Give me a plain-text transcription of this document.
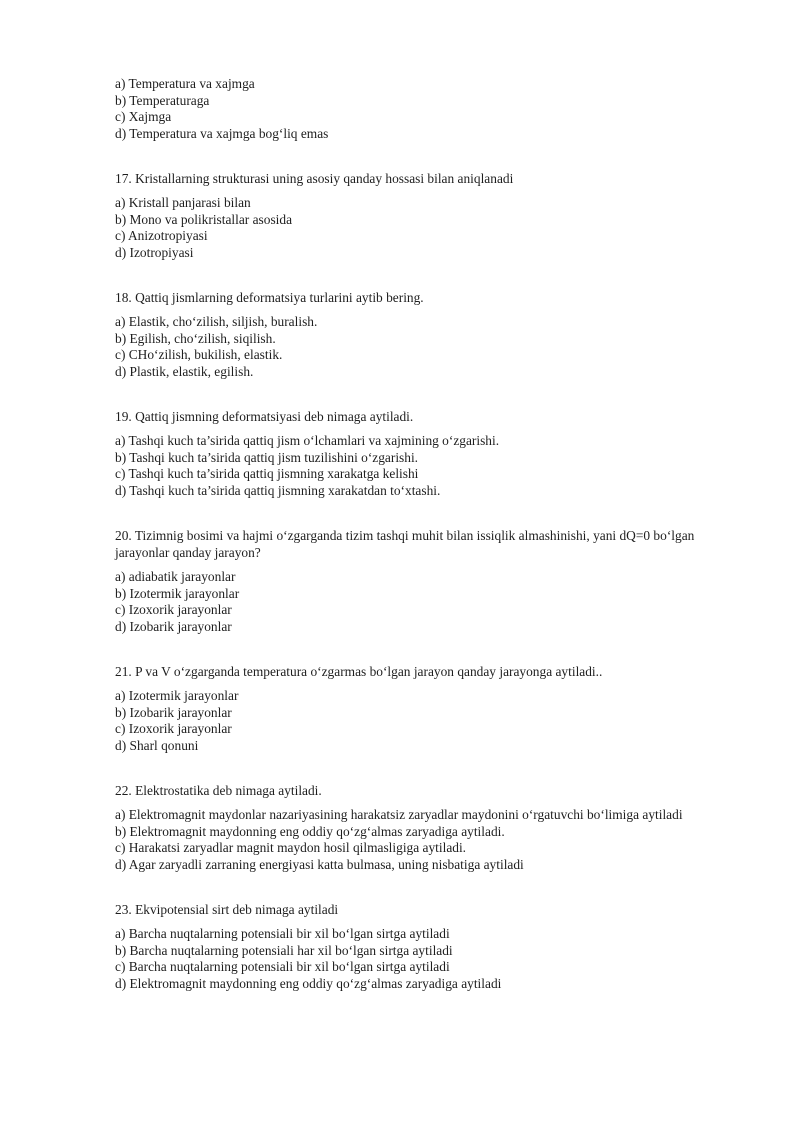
a) Temperatura va xajmga
b) Temperaturaga
c) Xajmga
d) Temperatura va xajmga bog‘liq emas
17. Kristallarning strukturasi uning asosiy qanday hossasi bilan aniqlanadi
a) Kristall panjarasi bilan
b) Mono va polikristallar asosida
c) Anizotropiyasi
d) Izotropiyasi
18. Qattiq jismlarning deformatsiya turlarini aytib bering.
a) Elastik, cho‘zilish, siljish, buralish.
b) Egilish, cho‘zilish, siqilish.
c) CHo‘zilish, bukilish, elastik.
d) Plastik, elastik, egilish.
19. Qattiq jismning deformatsiyasi deb nimaga aytiladi.
a) Tashqi kuch ta’sirida qattiq jism o‘lchamlari va xajmining o‘zgarishi.
b) Tashqi kuch ta’sirida qattiq jism tuzilishini o‘zgarishi.
c) Tashqi kuch ta’sirida qattiq jismning xarakatga kelishi
d) Tashqi kuch ta’sirida qattiq jismning xarakatdan to‘xtashi.
20. Tizimnig bosimi va hajmi o‘zgarganda tizim tashqi muhit bilan issiqlik almashinishi, yani dQ=0 bo‘lgan jarayonlar qanday jarayon?
a) adiabatik jarayonlar
b) Izotermik jarayonlar
c) Izoxorik jarayonlar
d) Izobarik jarayonlar
21. P va V o‘zgarganda temperatura o‘zgarmas bo‘lgan jarayon qanday jarayonga aytiladi..
a) Izotermik jarayonlar
b) Izobarik jarayonlar
c) Izoxorik jarayonlar
d) Sharl qonuni
22. Elektrostatika deb nimaga aytiladi.
a) Elektromagnit maydonlar nazariyasining harakatsiz zaryadlar maydonini o‘rgatuvchi bo‘limiga aytiladi
b) Elektromagnit maydonning eng oddiy qo‘zg‘almas zaryadiga aytiladi.
c) Harakatsi zaryadlar magnit maydon hosil qilmasligiga aytiladi.
d) Agar zaryadli zarraning energiyasi katta bulmasa, uning nisbatiga aytiladi
23. Ekvipotensial sirt deb nimaga aytiladi
a) Barcha nuqtalarning potensiali bir xil bo‘lgan sirtga aytiladi
b) Barcha nuqtalarning potensiali har xil bo‘lgan sirtga aytiladi
c) Barcha nuqtalarning potensiali bir xil bo‘lgan sirtga aytiladi
d) Elektromagnit maydonning eng oddiy qo‘zg‘almas zaryadiga aytiladi
